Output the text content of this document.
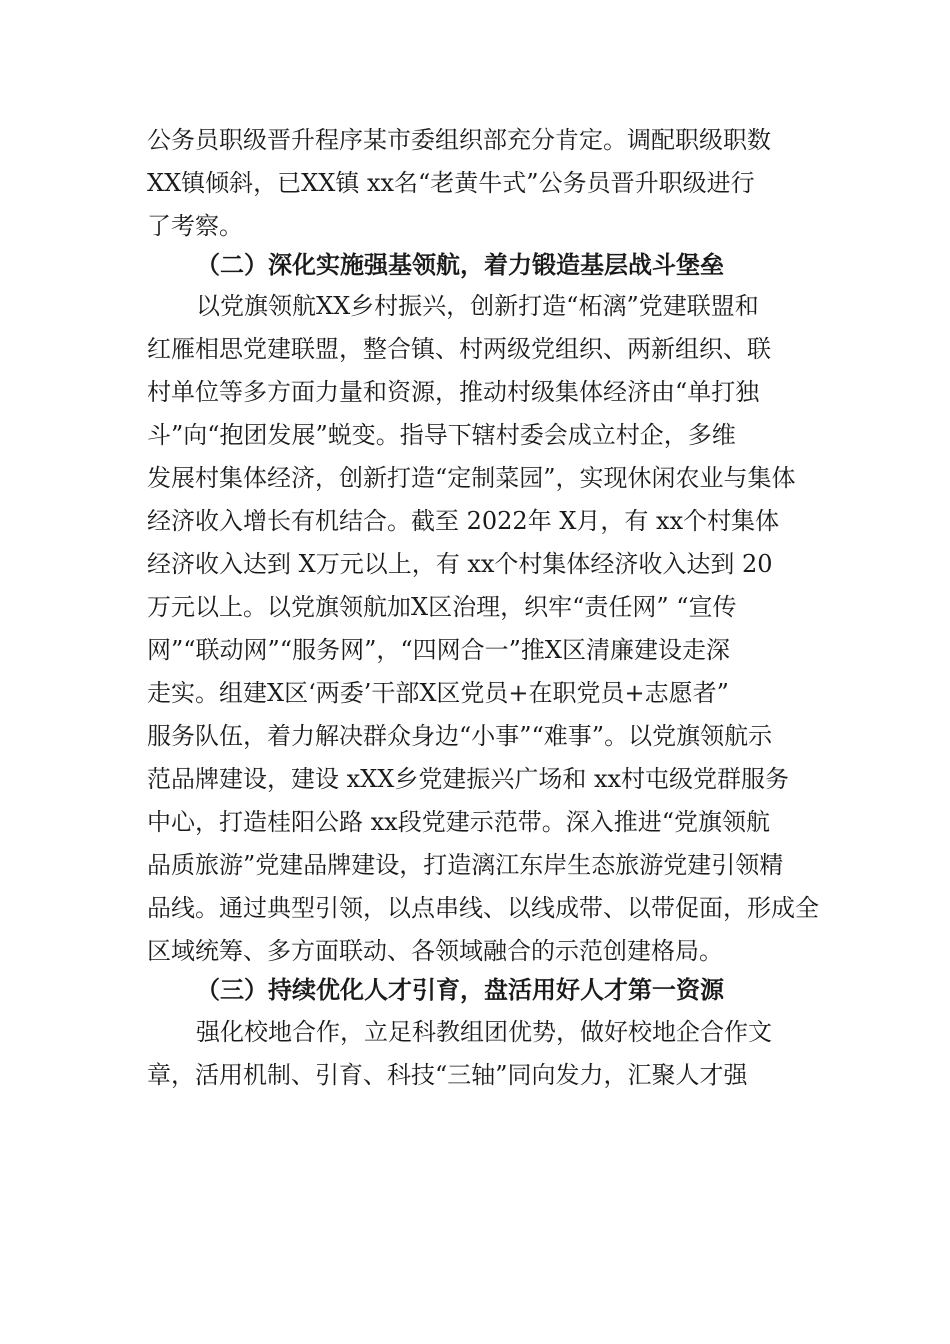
公务员职级晋升程序某市委组织部充分肯定。调配职级职数
XX镇倾斜，已XX镇 xx名“老黄牛式”公务员晋升职级进行
了考察。
（二）深化实施强基领航，着力锻造基层战斗堡垒
以党旗领航XX乡村振兴，创新打造“柘漓”党建联盟和
红雁相思党建联盟，整合镇、村两级党组织、两新组织、联
村单位等多方面力量和资源，推动村级集体经济由“单打独
斗”向“抱团发展”蜕变。指导下辖村委会成立村企，多维
发展村集体经济，创新打造“定制菜园”，实现休闲农业与集体
经济收入增长有机结合。截至 2022年 X月，有 xx个村集体
经济收入达到 X万元以上，有 xx个村集体经济收入达到 20
万元以上。以党旗领航加X区治理，织牢“责任网” “宣传
网”“联动网”“服务网”，“四网合一”推X区清廉建设走深
走实。组建X区‘两委’干部X区党员+在职党员+志愿者”
服务队伍，着力解决群众身边“小事”“难事”。以党旗领航示
范品牌建设，建设 xXX乡党建振兴广场和 xx村屯级党群服务
中心，打造桂阳公路 xx段党建示范带。深入推进“党旗领航
品质旅游”党建品牌建设，打造漓江东岸生态旅游党建引领精
品线。通过典型引领，以点串线、以线成带、以带促面，形成全
区域统筹、多方面联动、各领域融合的示范创建格局。
（三）持续优化人才引育，盘活用好人才第一资源
强化校地合作，立足科教组团优势，做好校地企合作文
章，活用机制、引育、科技“三轴”同向发力，汇聚人才强
